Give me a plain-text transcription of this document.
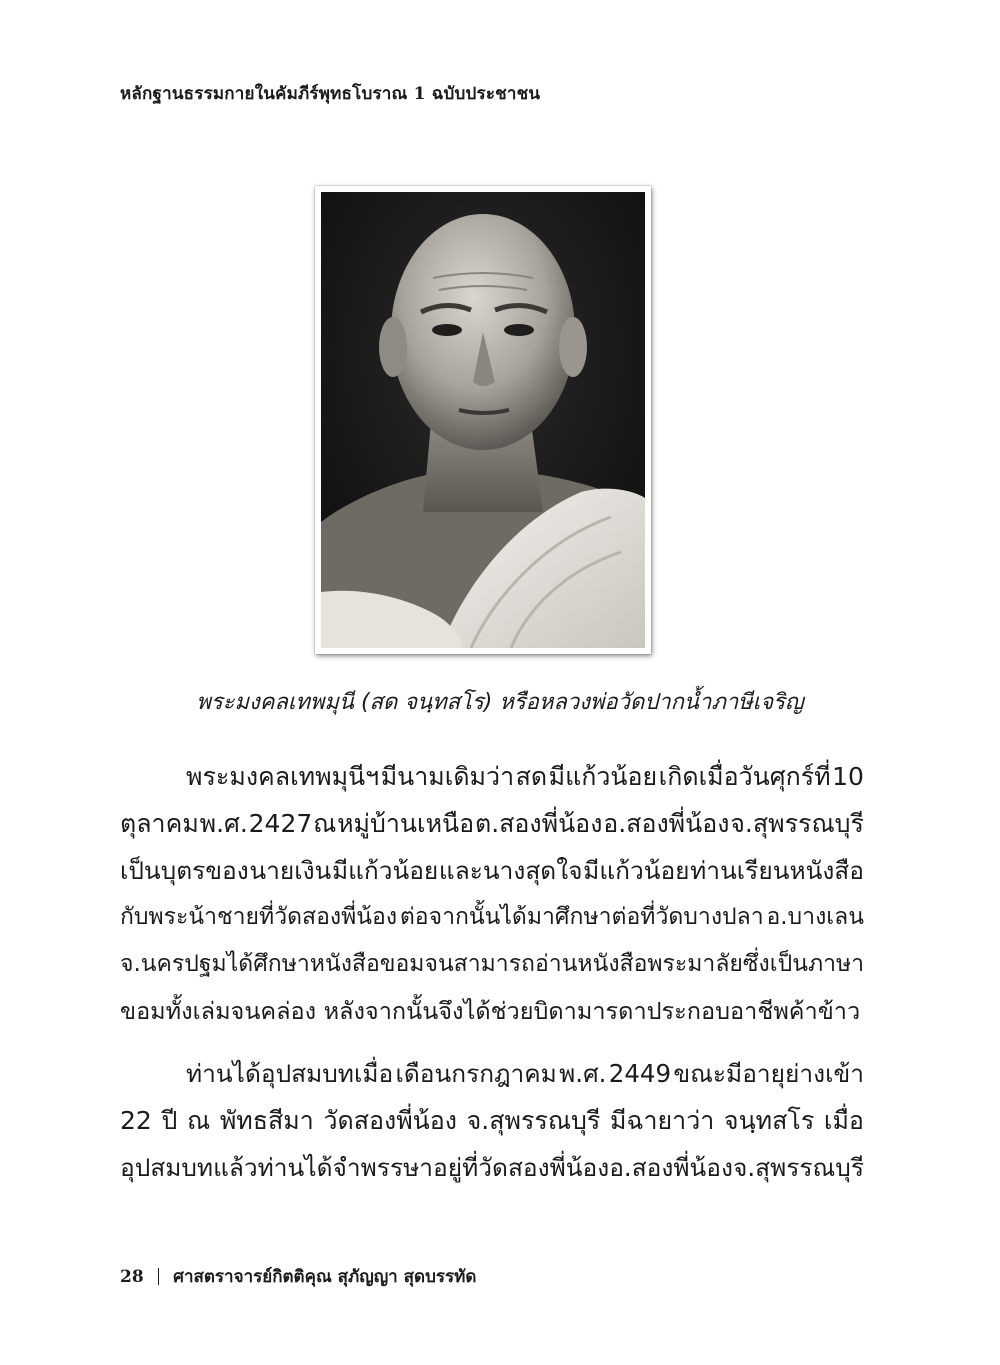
หลักฐานธรรมกายในคัมภีร์พุทธโบราณ 1 ฉบับประชาชน
พระมงคลเทพมุนี (สด จนฺทสโร) หรือหลวงพ่อวัดปากน้ำภาษีเจริญ
พระมงคลเทพมุนีฯ มีนามเดิมว่า สด มีแก้วน้อย เกิดเมื่อวันศุกร์ที่ 10
ตุลาคม พ.ศ. 2427 ณ หมู่บ้านเหนือ ต.สองพี่น้อง อ.สองพี่น้อง จ.สุพรรณบุรี
เป็นบุตรของ นายเงิน มีแก้วน้อย และนางสุดใจ มีแก้วน้อย ท่านเรียนหนังสือ
กับพระน้าชายที่วัดสองพี่น้อง ต่อจากนั้นได้มาศึกษาต่อที่วัดบางปลา อ.บางเลน
จ.นครปฐม ได้ศึกษาหนังสือขอมจนสามารถอ่านหนังสือพระมาลัย ซึ่งเป็นภาษา
ขอมทั้งเล่มจนคล่อง หลังจากนั้นจึงได้ช่วยบิดามารดาประกอบอาชีพค้าข้าว
ท่านได้อุปสมบทเมื่อ เดือนกรกฎาคม พ.ศ. 2449 ขณะมีอายุย่างเข้า
22 ปี ณ พัทธสีมา วัดสองพี่น้อง จ.สุพรรณบุรี มีฉายาว่า จนฺทสโร เมื่อ
อุปสมบทแล้วท่านได้จำพรรษาอยู่ที่ วัดสองพี่น้อง อ.สองพี่น้อง จ.สุพรรณบุรี
28 ศาสตราจารย์กิตติคุณ สุภัญญา สุดบรรทัด
